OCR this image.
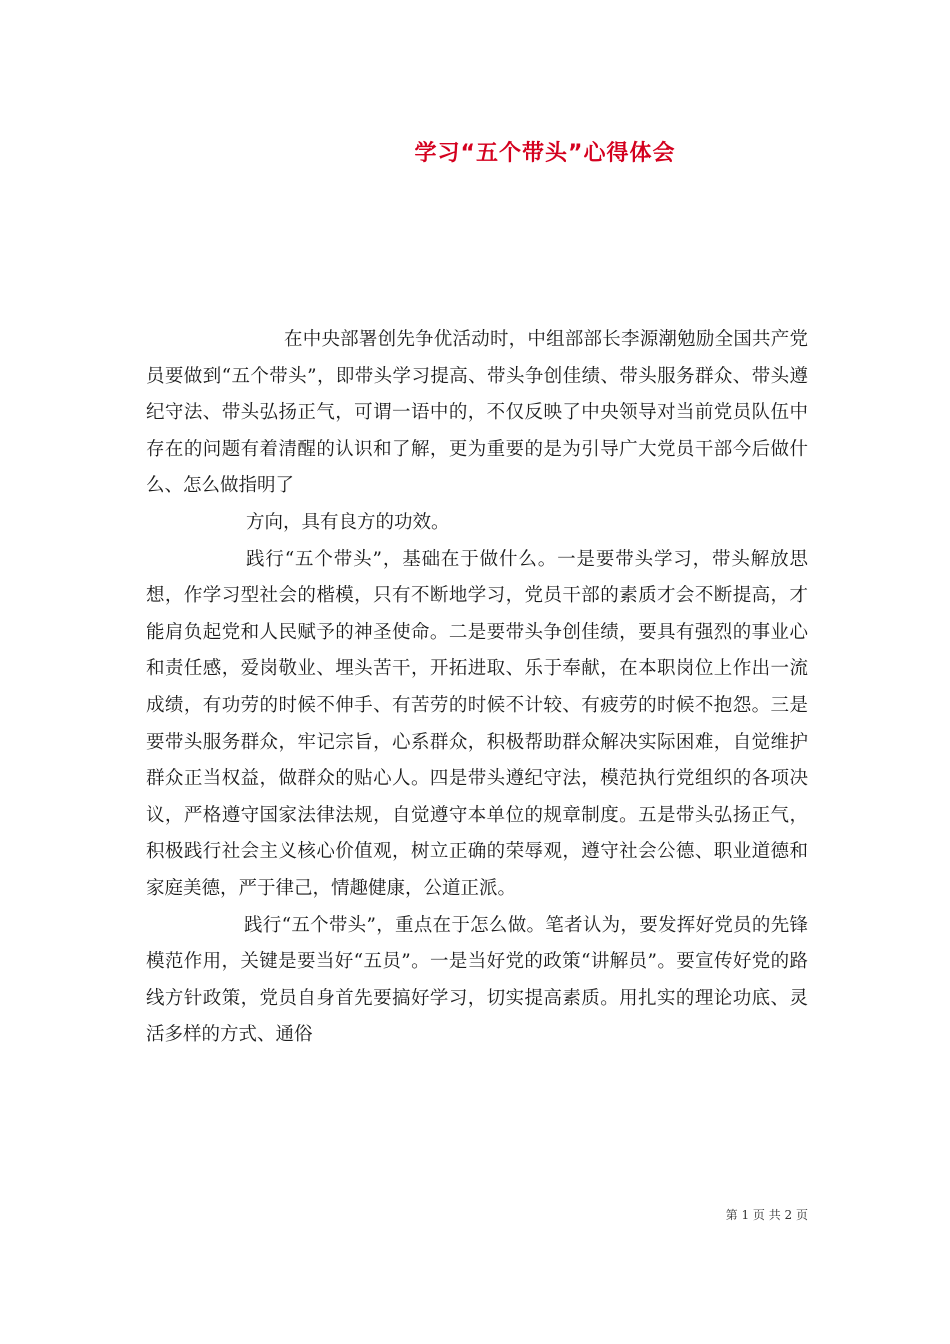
学习“五个带头”心得体会

在中央部署创先争优活动时，中组部部长李源潮勉励全国共产党员要做到“五个带头”，即带头学习提高、带头争创佳绩、带头服务群众、带头遵纪守法、带头弘扬正气，可谓一语中的，不仅反映了中央领导对当前党员队伍中存在的问题有着清醒的认识和了解，更为重要的是为引导广大党员干部今后做什么、怎么做指明了

方向，具有良方的功效。

践行“五个带头”，基础在于做什么。一是要带头学习，带头解放思想，作学习型社会的楷模，只有不断地学习，党员干部的素质才会不断提高，才能肩负起党和人民赋予的神圣使命。二是要带头争创佳绩，要具有强烈的事业心和责任感，爱岗敬业、埋头苦干，开拓进取、乐于奉献，在本职岗位上作出一流成绩，有功劳的时候不伸手、有苦劳的时候不计较、有疲劳的时候不抱怨。三是要带头服务群众，牢记宗旨，心系群众，积极帮助群众解决实际困难，自觉维护群众正当权益，做群众的贴心人。四是带头遵纪守法，模范执行党组织的各项决议，严格遵守国家法律法规，自觉遵守本单位的规章制度。五是带头弘扬正气，积极践行社会主义核心价值观，树立正确的荣辱观，遵守社会公德、职业道德和家庭美德，严于律己，情趣健康，公道正派。

践行“五个带头”，重点在于怎么做。笔者认为，要发挥好党员的先锋模范作用，关键是要当好“五员”。一是当好党的政策“讲解员”。要宣传好党的路线方针政策，党员自身首先要搞好学习，切实提高素质。用扎实的理论功底、灵活多样的方式、通俗

第 1 页 共 2 页
